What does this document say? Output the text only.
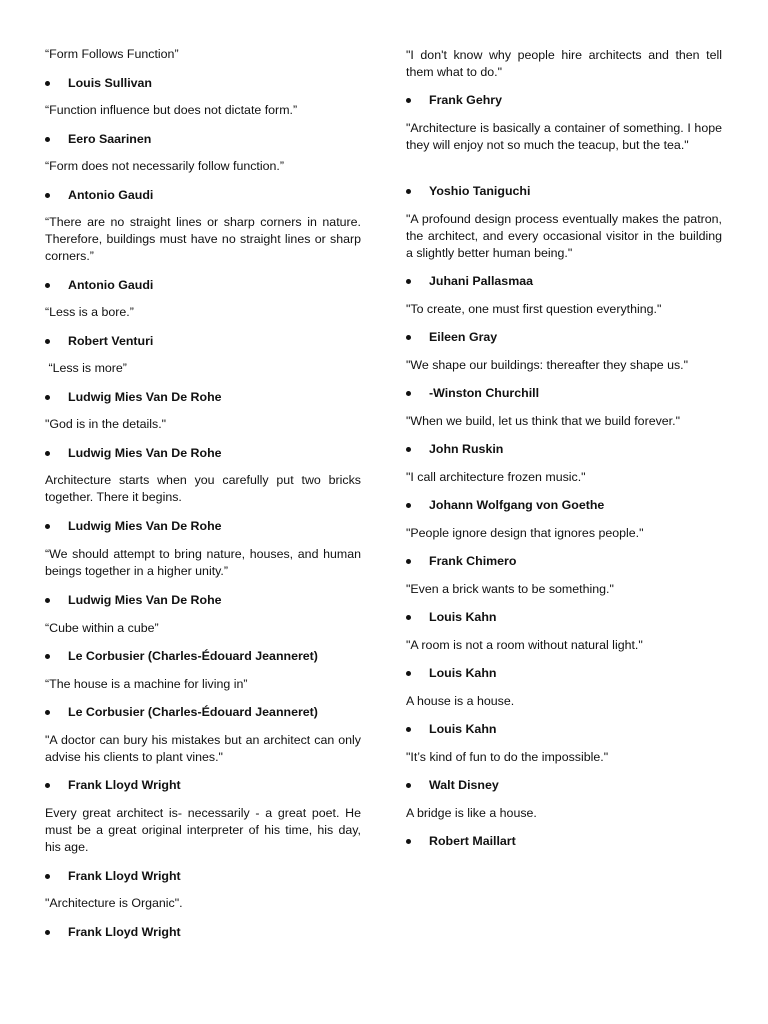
“Form Follows Function”

Louis Sullivan

“Function influence but does not dictate form.”

Eero Saarinen

“Form does not necessarily follow function.”

Antonio Gaudi

“There are no straight lines or sharp corners in nature. Therefore, buildings must have no straight lines or sharp corners.”

Antonio Gaudi

“Less is a bore.”

Robert Venturi

“Less is more”

Ludwig Mies Van De Rohe

"God is in the details."

Ludwig Mies Van De Rohe

Architecture starts when you carefully put two bricks together. There it begins.

Ludwig Mies Van De Rohe

“We should attempt to bring nature, houses, and human beings together in a higher unity.”

Ludwig Mies Van De Rohe

“Cube within a cube”

Le Corbusier (Charles-Édouard Jeanneret)

“The house is a machine for living in”

Le Corbusier (Charles-Édouard Jeanneret)

"A doctor can bury his mistakes but an architect can only advise his clients to plant vines."

Frank Lloyd Wright

Every great architect is- necessarily - a great poet. He must be a great original interpreter of his time, his day, his age.

Frank Lloyd Wright

"Architecture is Organic".

Frank Lloyd Wright

"I don't know why people hire architects and then tell them what to do."

Frank Gehry

"Architecture is basically a container of something. I hope they will enjoy not so much the teacup, but the tea."

Yoshio Taniguchi

"A profound design process eventually makes the patron, the architect, and every occasional visitor in the building a slightly better human being."

Juhani Pallasmaa

"To create, one must first question everything."

Eileen Gray

"We shape our buildings: thereafter they shape us."

-Winston Churchill

"When we build, let us think that we build forever."

John Ruskin

"I call architecture frozen music."

Johann Wolfgang von Goethe

"People ignore design that ignores people."

Frank Chimero

"Even a brick wants to be something."

Louis Kahn

"A room is not a room without natural light."

Louis Kahn

A house is a house.

Louis Kahn

"It’s kind of fun to do the impossible."

Walt Disney

A bridge is like a house.

Robert Maillart
